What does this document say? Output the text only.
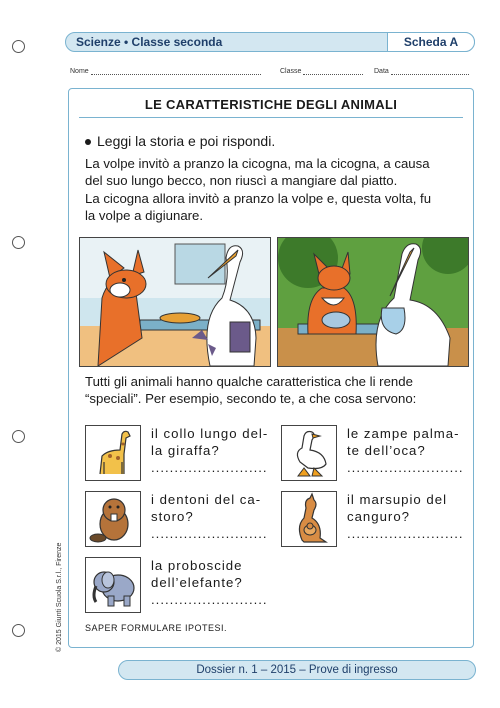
Scienze • Classe seconda	Scheda A
Nome	Classe	Data
LE CARATTERISTICHE DEGLI ANIMALI
Leggi la storia e poi rispondi.
La volpe invitò a pranzo la cicogna, ma la cicogna, a causa
del suo lungo becco, non riuscì a mangiare dal piatto.
La cicogna allora invitò a pranzo la volpe e, questa volta, fu
la volpe a digiunare.
Tutti gli animali hanno qualche caratteristica che li rende
“speciali”. Per esempio, secondo te, a che cosa servono:
il collo lungo del-
la giraffa?
.........................
le zampe palma-
te dell’oca?
.........................
i dentoni del ca-
storo?
.........................
il marsupio del
canguro?
.........................
la proboscide
dell’elefante?
.........................
SAPER FORMULARE IPOTESI.
© 2015 Giunti Scuola S.r.l., Firenze
Dossier n. 1 – 2015 – Prove di ingresso
